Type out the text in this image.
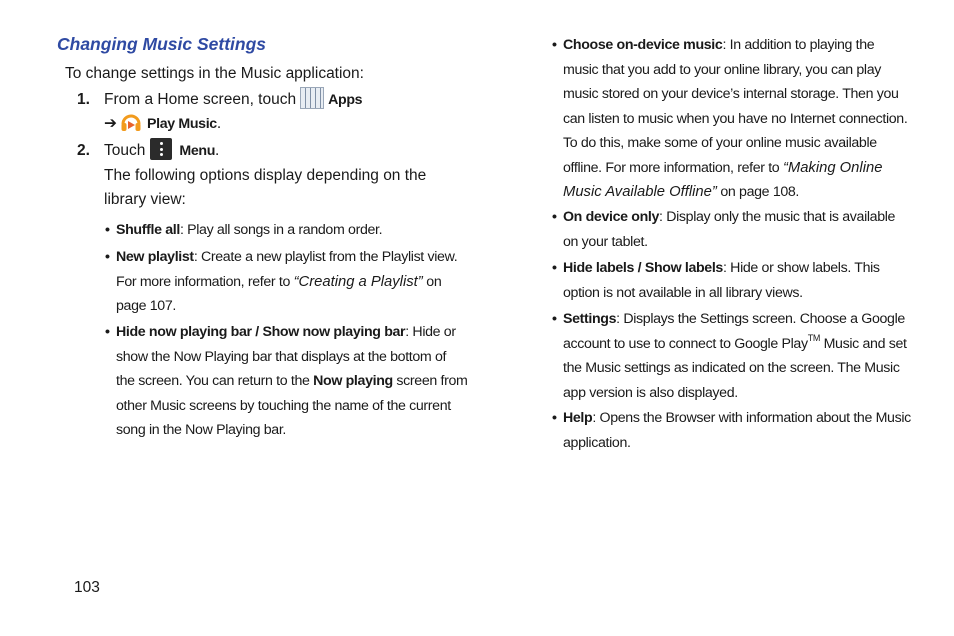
Changing Music Settings
To change settings in the Music application:
1. From a Home screen, touch Apps
➔ Play Music.
2. Touch Menu.
The following options display depending on the library view:
• Shuffle all: Play all songs in a random order.
• New playlist: Create a new playlist from the Playlist view. For more information, refer to “Creating a Playlist” on
page 107.
• Hide now playing bar / Show now playing bar: Hide or show the Now Playing bar that displays at the bottom of the screen. You can return to the Now playing screen from other Music screens by touching the name of the current song in the Now Playing bar.
• Choose on-device music: In addition to playing the music that you add to your online library, you can play music stored on your device’s internal storage. Then you can listen to music when you have no Internet connection. To do this, make some of your online music available offline. For more information, refer to “Making Online Music Available Offline” on page 108.
• On device only: Display only the music that is available on your tablet.
• Hide labels / Show labels: Hide or show labels. This option is not available in all library views.
• Settings: Displays the Settings screen. Choose a Google account to use to connect to Google Play™ Music and set the Music settings as indicated on the screen. The Music app version is also displayed.
• Help: Opens the Browser with information about the Music application.
103
